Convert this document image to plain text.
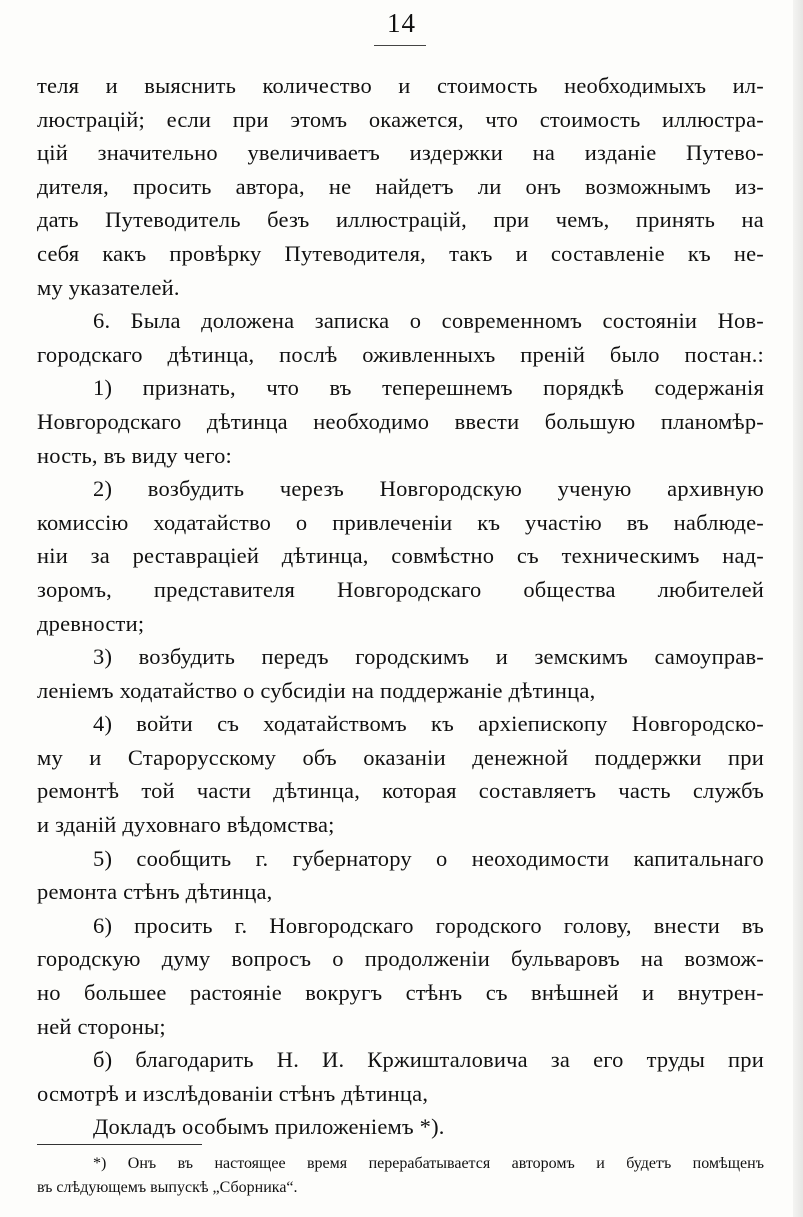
14
теля и выяснить количество и стоимость необходимыхъ ил-
люстрацій; если при этомъ окажется, что стоимость иллюстра-
цій значительно увеличиваетъ издержки на изданіе Путево-
дителя, просить автора, не найдетъ ли онъ возможнымъ из-
дать Путеводитель безъ иллюстрацій, при чемъ, принять на
себя какъ провѣрку Путеводителя, такъ и составленіе къ не-
му указателей.
6. Была доложена записка о современномъ состояніи Нов-
городскаго дѣтинца, послѣ оживленныхъ преній было постан.:
1) признать, что въ теперешнемъ порядкѣ содержанія
Новгородскаго дѣтинца необходимо ввести большую планомѣр-
ность, въ виду чего:
2) возбудить черезъ Новгородскую ученую архивную
комиссію ходатайство о привлеченіи къ участію въ наблюде-
ніи за реставраціей дѣтинца, совмѣстно съ техническимъ над-
зоромъ, представителя Новгородскаго общества любителей
древности;
3) возбудить передъ городскимъ и земскимъ самоуправ-
леніемъ ходатайство о субсидіи на поддержаніе дѣтинца,
4) войти съ ходатайствомъ къ архіепископу Новгородско-
му и Старорусскому объ оказаніи денежной поддержки при
ремонтѣ той части дѣтинца, которая составляетъ часть службъ
и зданій духовнаго вѣдомства;
5) сообщить г. губернатору о неоходимости капитальнаго
ремонта стѣнъ дѣтинца,
6) просить г. Новгородскаго городского голову, внести въ
городскую думу вопросъ о продолженіи бульваровъ на возмож-
но большее растояніе вокругъ стѣнъ съ внѣшней и внутрен-
ней стороны;
б) благодарить Н. И. Кржишталовича за его труды при
осмотрѣ и изслѣдованіи стѣнъ дѣтинца,
Докладъ особымъ приложеніемъ *).
*) Онъ въ настоящее время перерабатывается авторомъ и будетъ помѣщенъ
въ слѣдующемъ выпускѣ „Сборника“.
